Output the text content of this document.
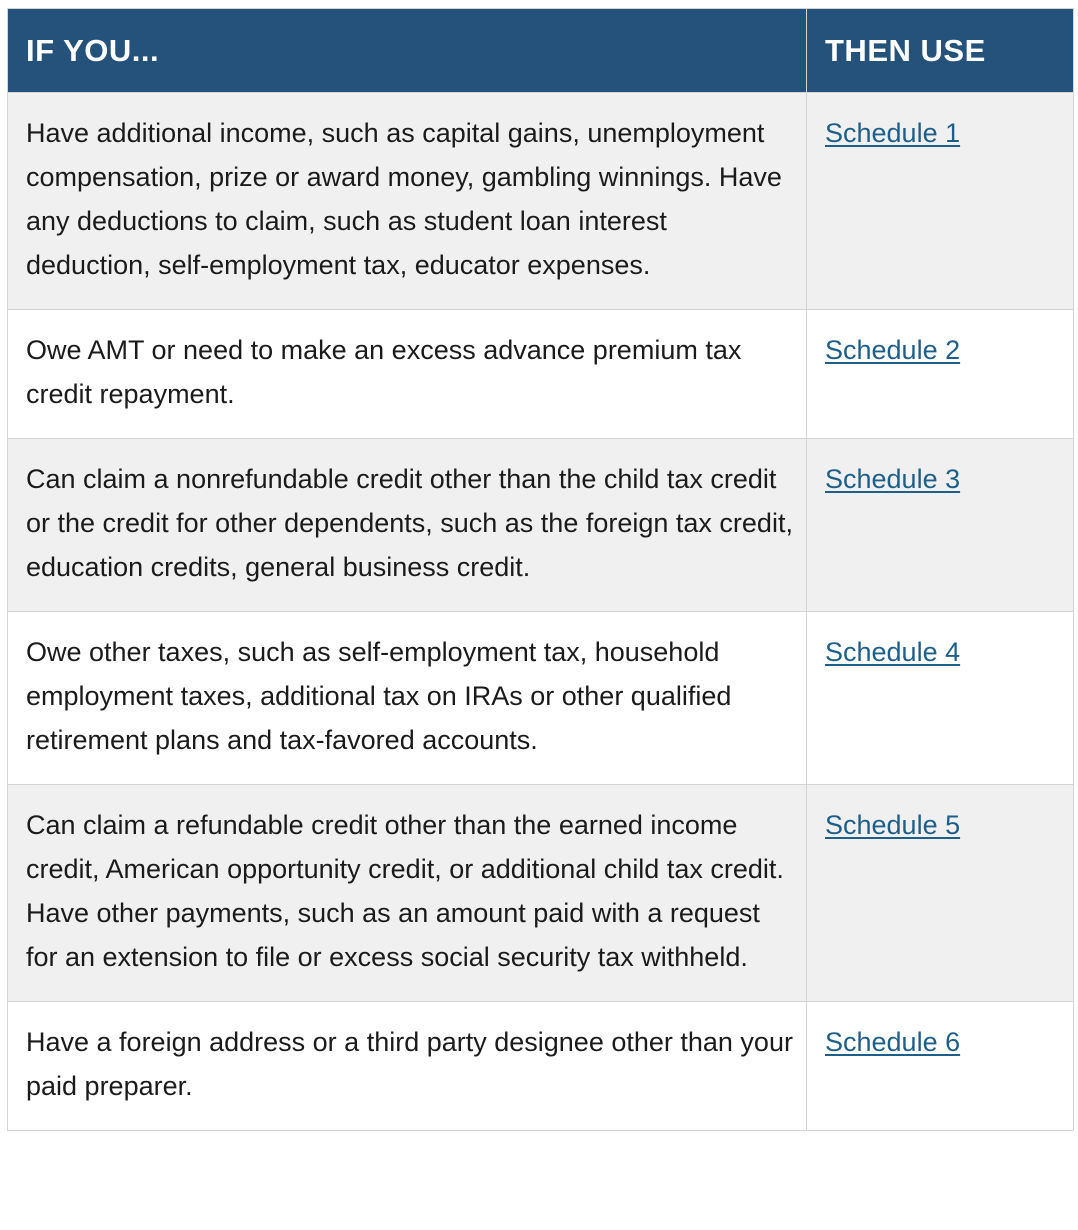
IF YOU...	THEN USE
Have additional income, such as capital gains, unemployment compensation, prize or award money, gambling winnings. Have any deductions to claim, such as student loan interest deduction, self-employment tax, educator expenses.	Schedule 1
Owe AMT or need to make an excess advance premium tax credit repayment.	Schedule 2
Can claim a nonrefundable credit other than the child tax credit or the credit for other dependents, such as the foreign tax credit, education credits, general business credit.	Schedule 3
Owe other taxes, such as self-employment tax, household employment taxes, additional tax on IRAs or other qualified retirement plans and tax-favored accounts.	Schedule 4
Can claim a refundable credit other than the earned income credit, American opportunity credit, or additional child tax credit. Have other payments, such as an amount paid with a request for an extension to file or excess social security tax withheld.	Schedule 5
Have a foreign address or a third party designee other than your paid preparer.	Schedule 6
